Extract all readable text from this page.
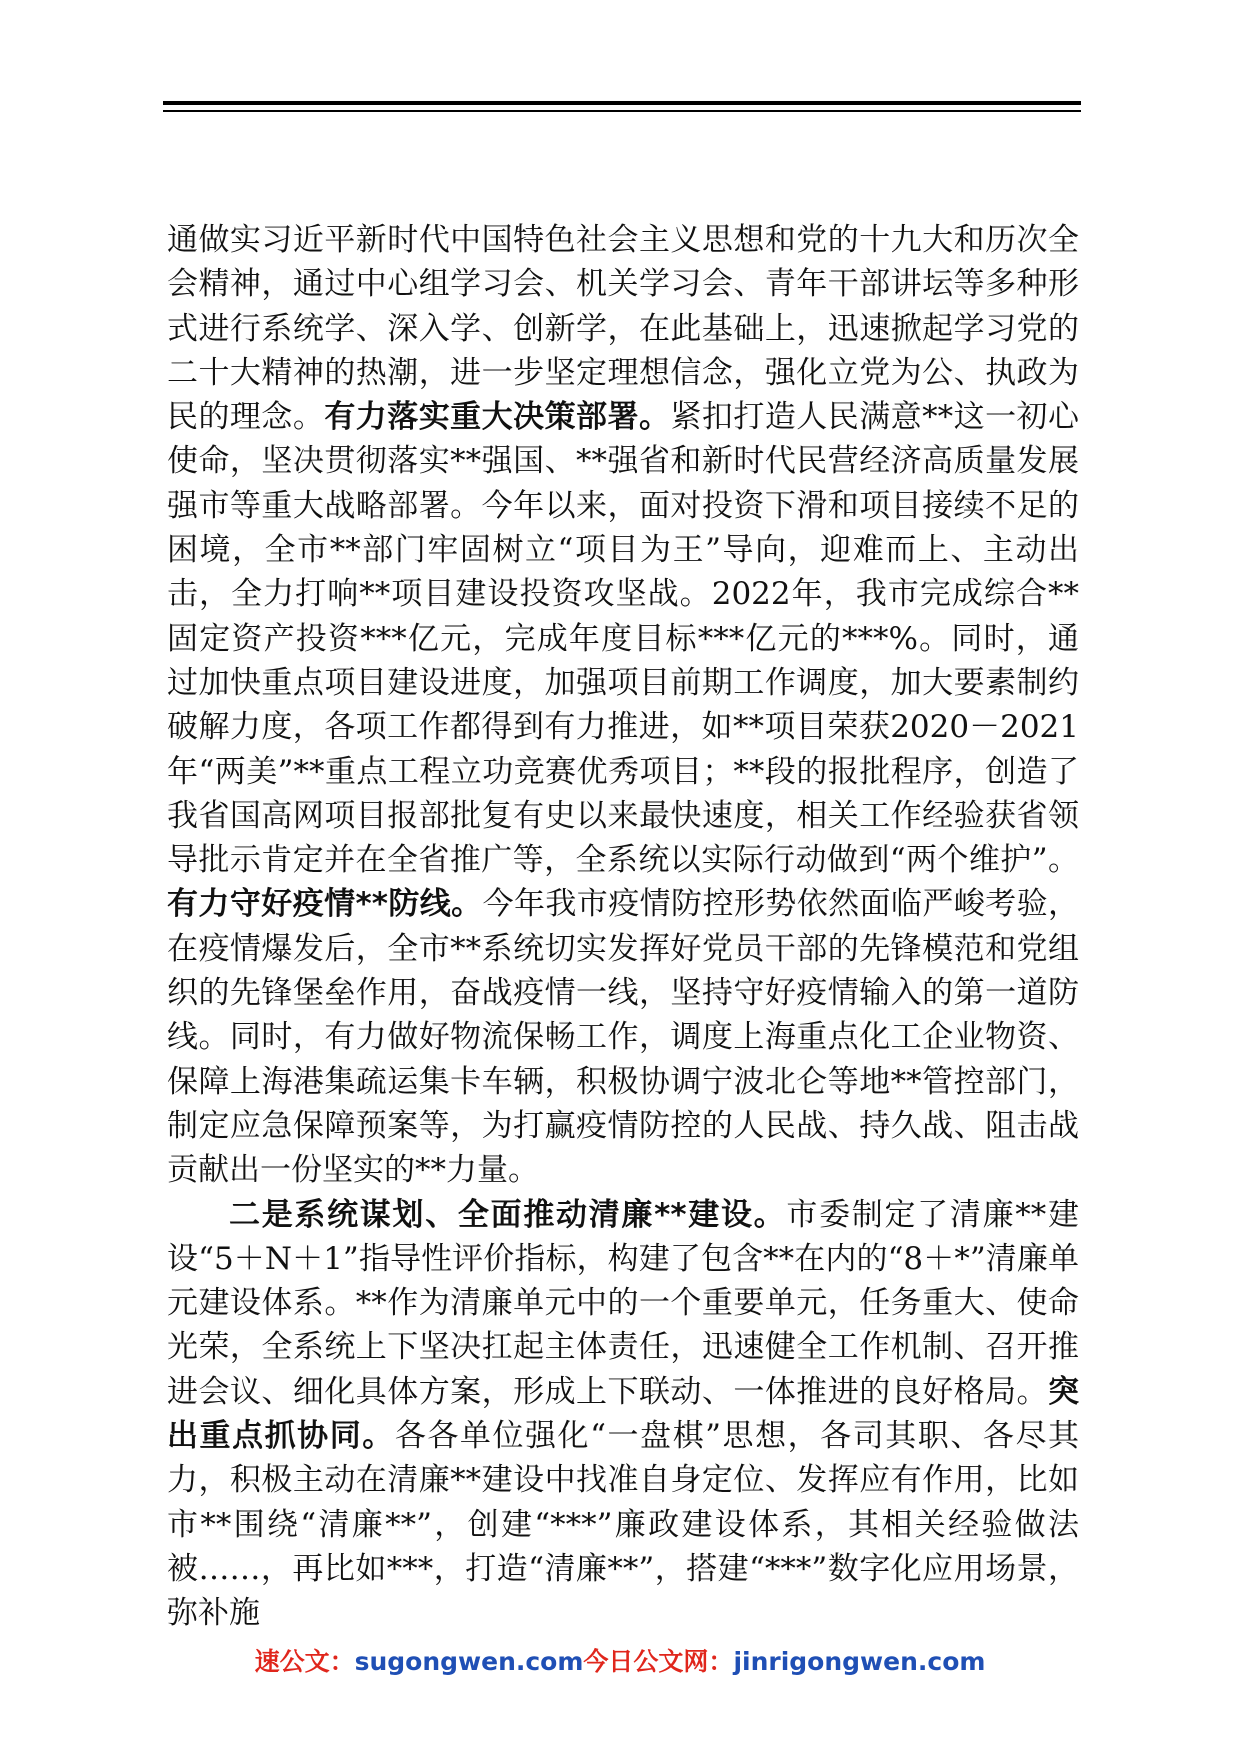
通做实习近平新时代中国特色社会主义思想和党的十九大和历次全会精神，通过中心组学习会、机关学习会、青年干部讲坛等多种形式进行系统学、深入学、创新学，在此基础上，迅速掀起学习党的二十大精神的热潮，进一步坚定理想信念，强化立党为公、执政为民的理念。有力落实重大决策部署。紧扣打造人民满意**这一初心使命，坚决贯彻落实**强国、**强省和新时代民营经济高质量发展强市等重大战略部署。今年以来，面对投资下滑和项目接续不足的困境，全市**部门牢固树立“项目为王”导向，迎难而上、主动出击，全力打响**项目建设投资攻坚战。2022年，我市完成综合**固定资产投资***亿元，完成年度目标***亿元的***%。同时，通过加快重点项目建设进度，加强项目前期工作调度，加大要素制约破解力度，各项工作都得到有力推进，如**项目荣获2020－2021年“两美”**重点工程立功竞赛优秀项目；**段的报批程序，创造了我省国高网项目报部批复有史以来最快速度，相关工作经验获省领导批示肯定并在全省推广等，全系统以实际行动做到“两个维护”。有力守好疫情**防线。今年我市疫情防控形势依然面临严峻考验，在疫情爆发后，全市**系统切实发挥好党员干部的先锋模范和党组织的先锋堡垒作用，奋战疫情一线，坚持守好疫情输入的第一道防线。同时，有力做好物流保畅工作，调度上海重点化工企业物资、保障上海港集疏运集卡车辆，积极协调宁波北仑等地**管控部门，制定应急保障预案等，为打赢疫情防控的人民战、持久战、阻击战贡献出一份坚实的**力量。

二是系统谋划、全面推动清廉**建设。市委制定了清廉**建设“5＋N＋1”指导性评价指标，构建了包含**在内的“8＋*”清廉单元建设体系。**作为清廉单元中的一个重要单元，任务重大、使命光荣，全系统上下坚决扛起主体责任，迅速健全工作机制、召开推进会议、细化具体方案，形成上下联动、一体推进的良好格局。突出重点抓协同。各各单位强化“一盘棋”思想，各司其职、各尽其力，积极主动在清廉**建设中找准自身定位、发挥应有作用，比如市**围绕“清廉**”，创建“***”廉政建设体系，其相关经验做法被……，再比如***，打造“清廉**”，搭建“***”数字化应用场景，弥补施

速公文：sugongwen.com今日公文网：jinrigongwen.com
